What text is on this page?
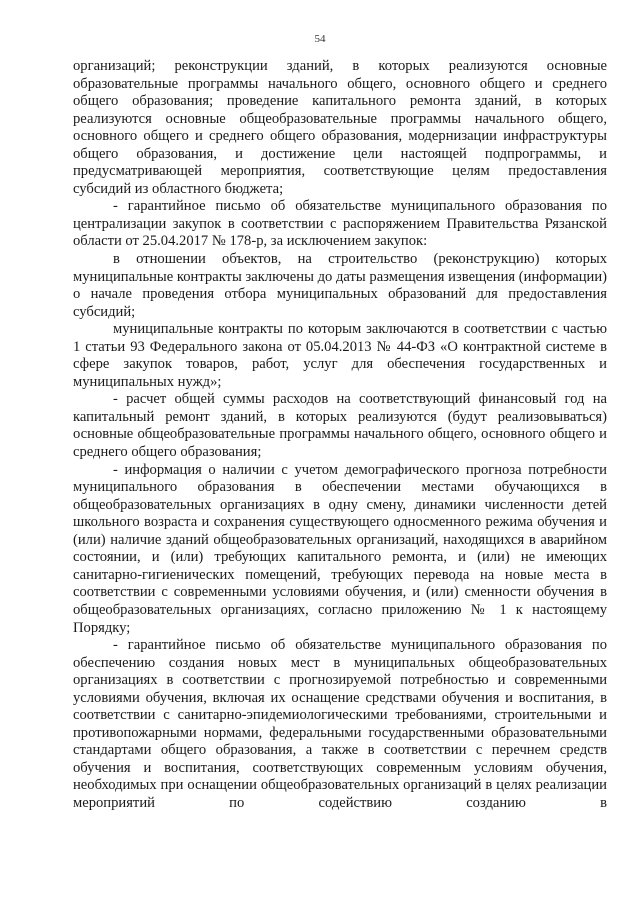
54

организаций; реконструкции зданий, в которых реализуются основные образовательные программы начального общего, основного общего и среднего общего образования; проведение капитального ремонта зданий, в которых реализуются основные общеобразовательные программы начального общего, основного общего и среднего общего образования, модернизации инфраструктуры общего образования, и достижение цели настоящей подпрограммы, и предусматривающей мероприятия, соответствующие целям предоставления субсидий из областного бюджета;

- гарантийное письмо об обязательстве муниципального образования по централизации закупок в соответствии с распоряжением Правительства Рязанской области от 25.04.2017 № 178-р, за исключением закупок:

в отношении объектов, на строительство (реконструкцию) которых муниципальные контракты заключены до даты размещения извещения (информации) о начале проведения отбора муниципальных образований для предоставления субсидий;

муниципальные контракты по которым заключаются в соответствии с частью 1 статьи 93 Федерального закона от 05.04.2013 № 44-ФЗ «О контрактной системе в сфере закупок товаров, работ, услуг для обеспечения государственных и муниципальных нужд»;

- расчет общей суммы расходов на соответствующий финансовый год на капитальный ремонт зданий, в которых реализуются (будут реализовываться) основные общеобразовательные программы начального общего, основного общего и среднего общего образования;

- информация о наличии с учетом демографического прогноза потребности муниципального образования в обеспечении местами обучающихся в общеобразовательных организациях в одну смену, динамики численности детей школьного возраста и сохранения существующего односменного режима обучения и (или) наличие зданий общеобразовательных организаций, находящихся в аварийном состоянии, и (или) требующих капитального ремонта, и (или) не имеющих санитарно-гигиенических помещений, требующих перевода на новые места в соответствии с современными условиями обучения, и (или) сменности обучения в общеобразовательных организациях, согласно приложению № 1 к настоящему Порядку;

- гарантийное письмо об обязательстве муниципального образования по обеспечению создания новых мест в муниципальных общеобразовательных организациях в соответствии с прогнозируемой потребностью и современными условиями обучения, включая их оснащение средствами обучения и воспитания, в соответствии с санитарно-эпидемиологическими требованиями, строительными и противопожарными нормами, федеральными государственными образовательными стандартами общего образования, а также в соответствии с перечнем средств обучения и воспитания, соответствующих современным условиям обучения, необходимых при оснащении общеобразовательных организаций в целях реализации мероприятий по содействию созданию в
